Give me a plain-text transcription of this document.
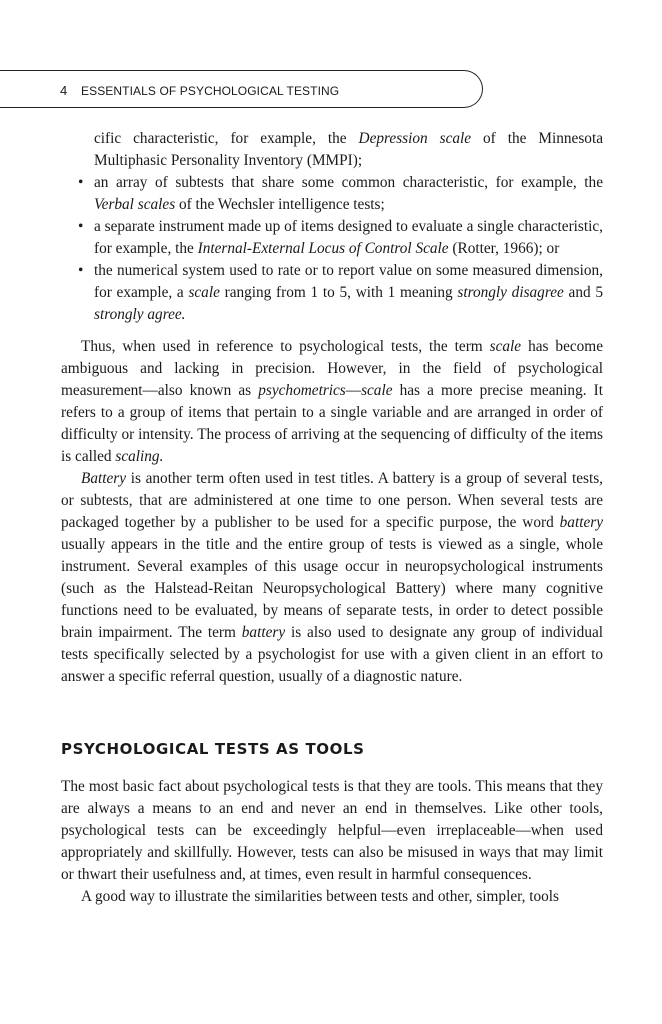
4 ESSENTIALS OF PSYCHOLOGICAL TESTING
cific characteristic, for example, the Depression scale of the Minnesota Multiphasic Personality Inventory (MMPI);
• an array of subtests that share some common characteristic, for example, the Verbal scales of the Wechsler intelligence tests;
• a separate instrument made up of items designed to evaluate a single characteristic, for example, the Internal-External Locus of Control Scale (Rotter, 1966); or
• the numerical system used to rate or to report value on some measured dimension, for example, a scale ranging from 1 to 5, with 1 meaning strongly disagree and 5 strongly agree.

Thus, when used in reference to psychological tests, the term scale has become ambiguous and lacking in precision. However, in the field of psychological measurement—also known as psychometrics—scale has a more precise meaning. It refers to a group of items that pertain to a single variable and are arranged in order of difficulty or intensity. The process of arriving at the sequencing of difficulty of the items is called scaling.

Battery is another term often used in test titles. A battery is a group of several tests, or subtests, that are administered at one time to one person. When several tests are packaged together by a publisher to be used for a specific purpose, the word battery usually appears in the title and the entire group of tests is viewed as a single, whole instrument. Several examples of this usage occur in neuropsychological instruments (such as the Halstead-Reitan Neuropsychological Battery) where many cognitive functions need to be evaluated, by means of separate tests, in order to detect possible brain impairment. The term battery is also used to designate any group of individual tests specifically selected by a psychologist for use with a given client in an effort to answer a specific referral question, usually of a diagnostic nature.

PSYCHOLOGICAL TESTS AS TOOLS

The most basic fact about psychological tests is that they are tools. This means that they are always a means to an end and never an end in themselves. Like other tools, psychological tests can be exceedingly helpful—even irreplaceable—when used appropriately and skillfully. However, tests can also be misused in ways that may limit or thwart their usefulness and, at times, even result in harmful consequences.

A good way to illustrate the similarities between tests and other, simpler, tools
